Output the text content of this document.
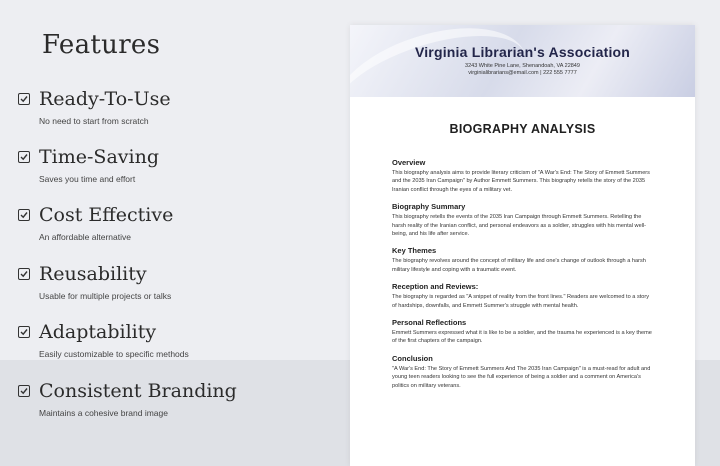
Features
Ready-To-Use
No need to start from scratch
Time-Saving
Saves you time and effort
Cost Effective
An affordable alternative
Reusability
Usable for multiple projects or talks
Adaptability
Easily customizable to specific methods
Consistent Branding
Maintains a cohesive brand image
Virginia Librarian's Association
3243 White Pine Lane, Shenandoah, VA 22849
virginialibrarians@email.com | 222 555 7777
BIOGRAPHY ANALYSIS
Overview

This biography analysis aims to provide literary criticism of "A War's End: The Story of Emmett Summers and the 2035 Iran Campaign" by Author Emmett Summers. This biography retells the story of the 2035 Iranian conflict through the eyes of a military vet.

Biography Summary

This biography retells the events of the 2035 Iran Campaign through Emmett Summers. Retelling the harsh reality of the Iranian conflict, and personal endeavors as a soldier, struggles with his mental well-being, and his life after service.

Key Themes

The biography revolves around the concept of military life and one's change of outlook through a harsh military lifestyle and coping with a traumatic event.

Reception and Reviews:

The biography is regarded as "A snippet of reality from the front lines." Readers are welcomed to a story of hardships, downfalls, and Emmett Summer's struggle with mental health.

Personal Reflections

Emmett Summers expressed what it is like to be a soldier, and the trauma he experienced is a key theme of the first chapters of the campaign.

Conclusion

"A War's End: The Story of Emmett Summers And The 2035 Iran Campaign" is a must-read for adult and young teen readers looking to see the full experience of being a soldier and a comment on America's politics on military veterans.
